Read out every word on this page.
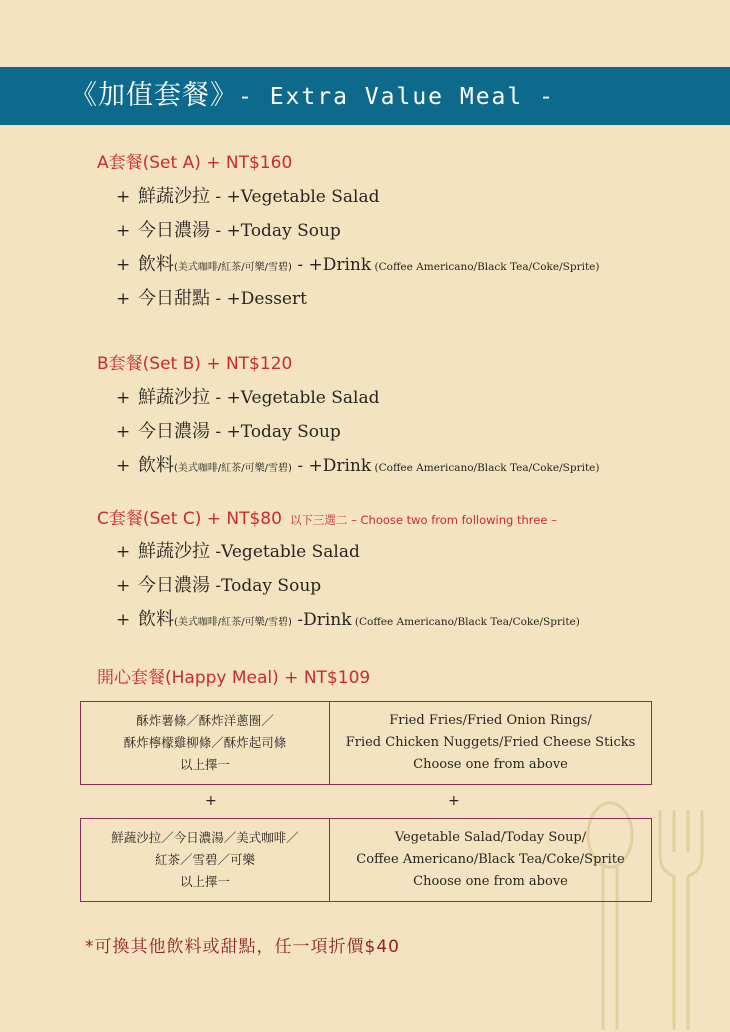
《加值套餐》- Extra Value Meal -
A套餐(Set A) + NT$160
+ 鮮蔬沙拉 - +Vegetable Salad
+ 今日濃湯 - +Today Soup
+ 飲料(美式咖啡/紅茶/可樂/雪碧) - +Drink (Coffee Americano/Black Tea/Coke/Sprite)
+ 今日甜點 - +Dessert
B套餐(Set B) + NT$120
+ 鮮蔬沙拉 - +Vegetable Salad
+ 今日濃湯 - +Today Soup
+ 飲料(美式咖啡/紅茶/可樂/雪碧) - +Drink (Coffee Americano/Black Tea/Coke/Sprite)
C套餐(Set C) + NT$80 以下三選二 – Choose two from following three –
+ 鮮蔬沙拉 -Vegetable Salad
+ 今日濃湯 -Today Soup
+ 飲料(美式咖啡/紅茶/可樂/雪碧) -Drink (Coffee Americano/Black Tea/Coke/Sprite)
開心套餐(Happy Meal) + NT$109
酥炸薯條／酥炸洋蔥圈／
酥炸檸檬雞柳條／酥炸起司條
以上擇一

Fried Fries/Fried Onion Rings/
Fried Chicken Nuggets/Fried Cheese Sticks
Choose one from above
+	+
鮮蔬沙拉／今日濃湯／美式咖啡／
紅茶／雪碧／可樂
以上擇一

Vegetable Salad/Today Soup/
Coffee Americano/Black Tea/Coke/Sprite
Choose one from above
*可換其他飲料或甜點，任一項折價$40
